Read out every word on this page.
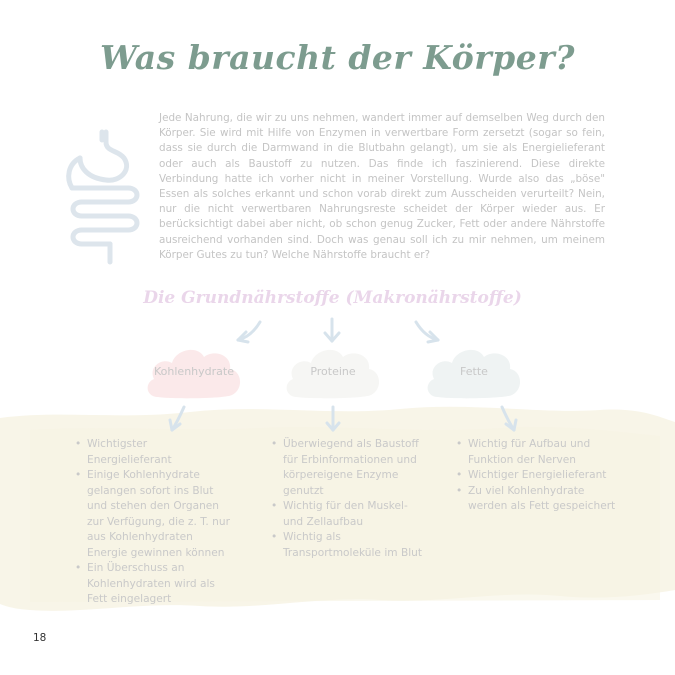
Was braucht der Körper?

Jede Nahrung, die wir zu uns nehmen, wandert immer auf demselben Weg durch den Körper. Sie wird mit Hilfe von Enzymen in verwertbare Form zersetzt (sogar so fein, dass sie durch die Darmwand in die Blutbahn gelangt), um sie als Energielieferant oder auch als Baustoff zu nutzen. Das finde ich faszinierend. Diese direkte Verbindung hatte ich vorher nicht in meiner Vorstellung. Wurde also das „böse" Essen als solches erkannt und schon vorab direkt zum Ausscheiden verurteilt? Nein, nur die nicht verwertbaren Nahrungsreste scheidet der Körper wieder aus. Er berücksichtigt dabei aber nicht, ob schon genug Zucker, Fett oder andere Nährstoffe ausreichend vorhanden sind. Doch was genau soll ich zu mir nehmen, um meinem Körper Gutes zu tun? Welche Nährstoffe braucht er?

Die Grundnährstoffe (Makronährstoffe)
Kohlenhydrate	Proteine	Fette
• Wichtigster Energielieferant
• Einige Kohlenhydrate gelangen sofort ins Blut und stehen den Organen zur Verfügung, die z. T. nur aus Kohlenhydraten Energie gewinnen können
• Ein Überschuss an Kohlenhydraten wird als Fett eingelagert
• Überwiegend als Baustoff für Erbinformationen und körpereigene Enzyme genutzt
• Wichtig für den Muskel- und Zellaufbau
• Wichtig als Transportmoleküle im Blut
• Wichtig für Aufbau und Funktion der Nerven
• Wichtiger Energielieferant
• Zu viel Kohlenhydrate werden als Fett gespeichert
18
